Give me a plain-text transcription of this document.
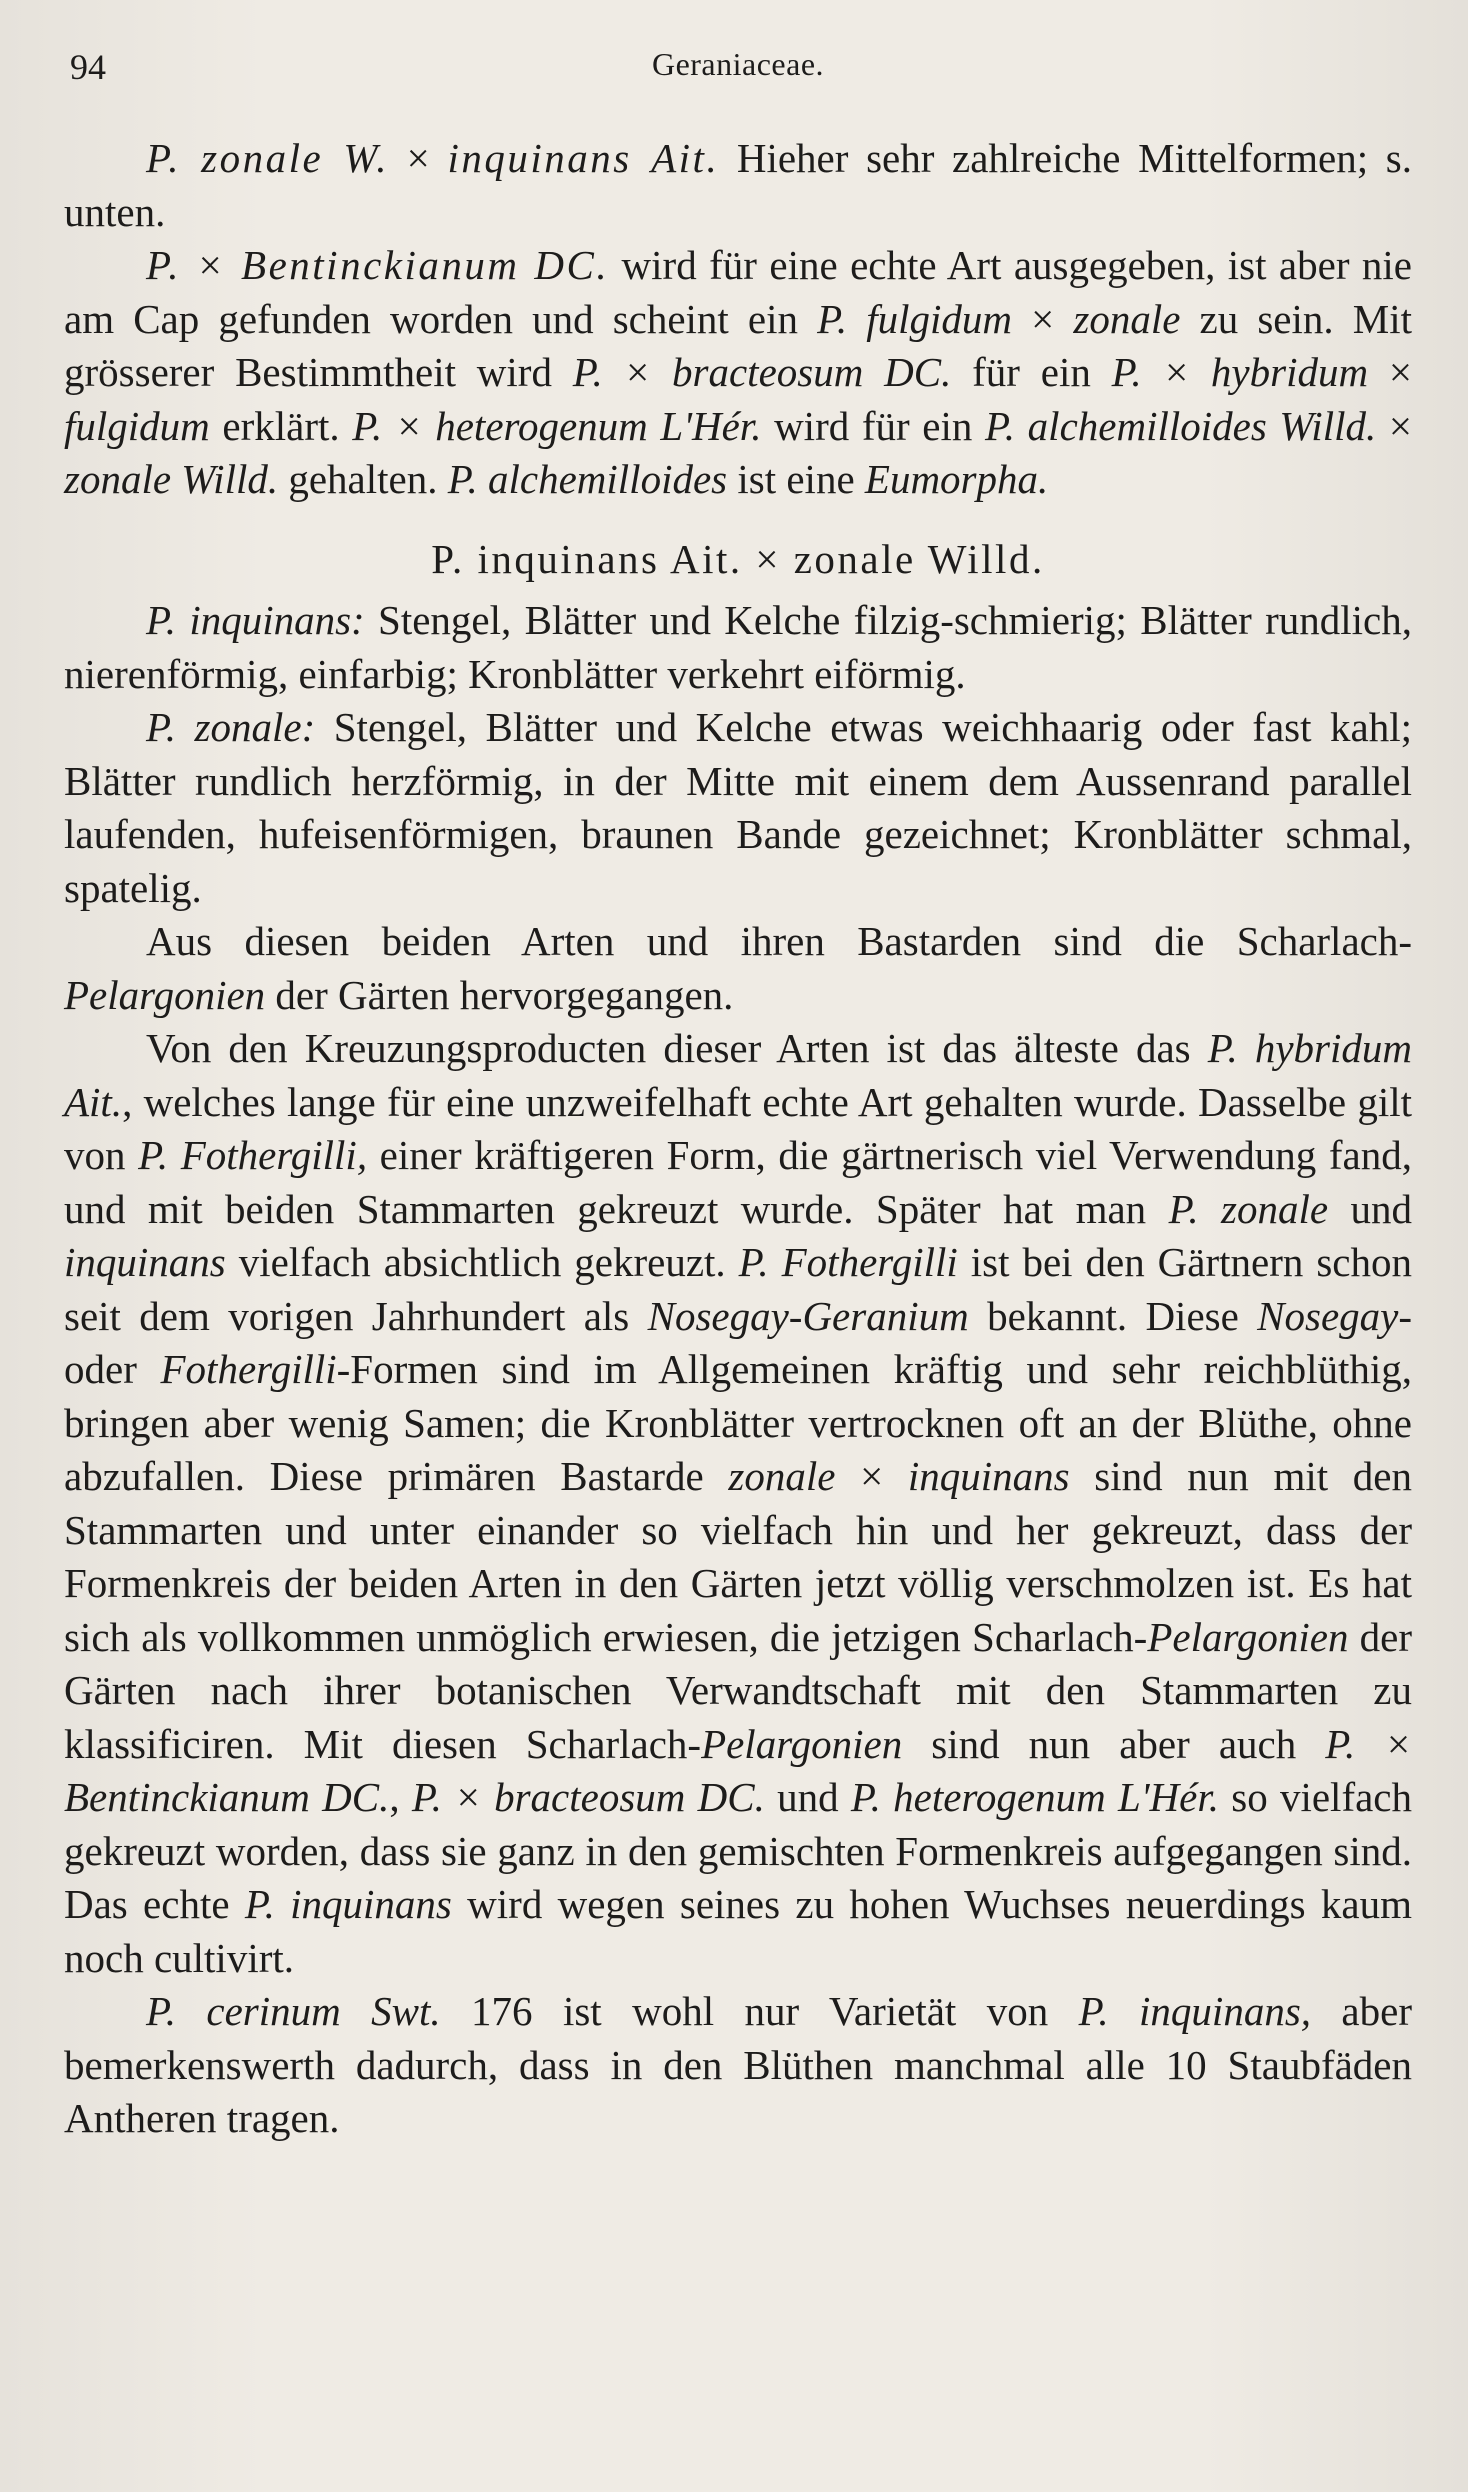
94	Geraniaceae.

P. zonale W. × inquinans Ait. Hieher sehr zahlreiche Mittelformen; s. unten.

P. × Bentinckianum DC. wird für eine echte Art ausgegeben, ist aber nie am Cap gefunden worden und scheint ein P. fulgidum × zonale zu sein. Mit grösserer Bestimmtheit wird P. × bracteosum DC. für ein P. × hybridum × fulgidum erklärt. P. × heterogenum L'Hér. wird für ein P. alchemilloides Willd. × zonale Willd. gehalten. P. alchemilloides ist eine Eumorpha.

P. inquinans Ait. × zonale Willd.

P. inquinans: Stengel, Blätter und Kelche filzig-schmierig; Blätter rundlich, nierenförmig, einfarbig; Kronblätter verkehrt eiförmig.

P. zonale: Stengel, Blätter und Kelche etwas weichhaarig oder fast kahl; Blätter rundlich herzförmig, in der Mitte mit einem dem Aussenrand parallel laufenden, hufeisenförmigen, braunen Bande gezeichnet; Kronblätter schmal, spatelig.

Aus diesen beiden Arten und ihren Bastarden sind die Scharlach-Pelargonien der Gärten hervorgegangen.

Von den Kreuzungsproducten dieser Arten ist das älteste das P. hybridum Ait., welches lange für eine unzweifelhaft echte Art gehalten wurde. Dasselbe gilt von P. Fothergilli, einer kräftigeren Form, die gärtnerisch viel Verwendung fand, und mit beiden Stammarten gekreuzt wurde. Später hat man P. zonale und inquinans vielfach absichtlich gekreuzt. P. Fothergilli ist bei den Gärtnern schon seit dem vorigen Jahrhundert als Nosegay-Geranium bekannt. Diese Nosegay- oder Fothergilli-Formen sind im Allgemeinen kräftig und sehr reichblüthig, bringen aber wenig Samen; die Kronblätter vertrocknen oft an der Blüthe, ohne abzufallen. Diese primären Bastarde zonale × inquinans sind nun mit den Stammarten und unter einander so vielfach hin und her gekreuzt, dass der Formenkreis der beiden Arten in den Gärten jetzt völlig verschmolzen ist. Es hat sich als vollkommen unmöglich erwiesen, die jetzigen Scharlach-Pelargonien der Gärten nach ihrer botanischen Verwandtschaft mit den Stammarten zu klassificiren. Mit diesen Scharlach-Pelargonien sind nun aber auch P. × Bentinckianum DC., P. × bracteosum DC. und P. heterogenum L'Hér. so vielfach gekreuzt worden, dass sie ganz in den gemischten Formenkreis aufgegangen sind. Das echte P. inquinans wird wegen seines zu hohen Wuchses neuerdings kaum noch cultivirt.

P. cerinum Swt. 176 ist wohl nur Varietät von P. inquinans, aber bemerkenswerth dadurch, dass in den Blüthen manchmal alle 10 Staubfäden Antheren tragen.
